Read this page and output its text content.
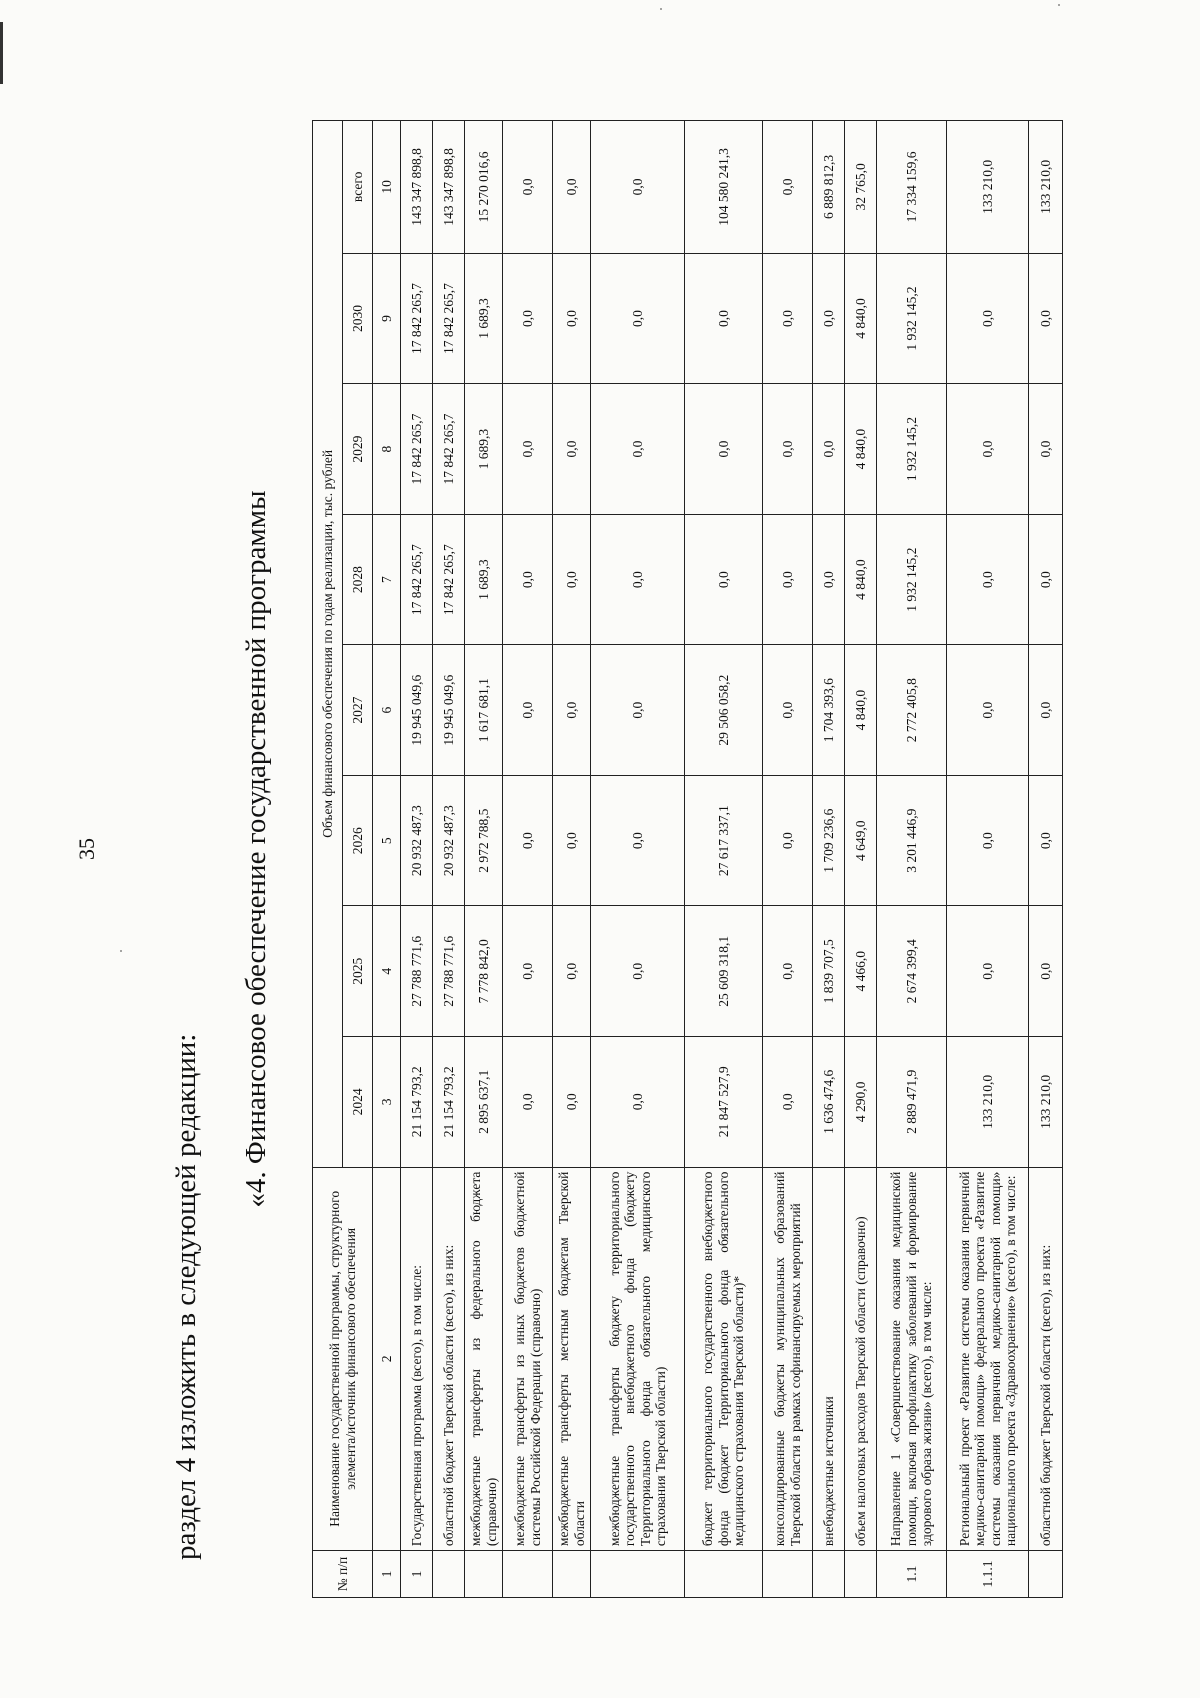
35
раздел 4 изложить в следующей редакции:
«4. Финансовое обеспечение государственной программы
№ п/п	Наименование государственной программы, структурного элемента/источник финансового обеспечения	Объем финансового обеспечения по годам реализации, тыс. рублей							
		2024	2025	2026	2027	2028	2029	2030	всего
1	2	3	4	5	6	7	8	9	10
1	Государственная программа (всего), в том числе:	21 154 793,2	27 788 771,6	20 932 487,3	19 945 049,6	17 842 265,7	17 842 265,7	17 842 265,7	143 347 898,8
	областной бюджет Тверской области (всего), из них:	21 154 793,2	27 788 771,6	20 932 487,3	19 945 049,6	17 842 265,7	17 842 265,7	17 842 265,7	143 347 898,8
	межбюджетные трансферты из федерального бюджета (справочно)	2 895 637,1	7 778 842,0	2 972 788,5	1 617 681,1	1 689,3	1 689,3	1 689,3	15 270 016,6
	межбюджетные трансферты из иных бюджетов бюджетной системы Российской Федерации (справочно)	0,0	0,0	0,0	0,0	0,0	0,0	0,0	0,0
	межбюджетные трансферты местным бюджетам Тверской области	0,0	0,0	0,0	0,0	0,0	0,0	0,0	0,0
	межбюджетные трансферты бюджету территориального государственного внебюджетного фонда (бюджету Территориального фонда обязательного медицинского страхования Тверской области)	0,0	0,0	0,0	0,0	0,0	0,0	0,0	0,0
	бюджет территориального государственного внебюджетного фонда (бюджет Территориального фонда обязательного медицинского страхования Тверской области)*	21 847 527,9	25 609 318,1	27 617 337,1	29 506 058,2	0,0	0,0	0,0	104 580 241,3
	консолидированные бюджеты муниципальных образований Тверской области в рамках софинансируемых мероприятий	0,0	0,0	0,0	0,0	0,0	0,0	0,0	0,0
	внебюджетные источники	1 636 474,6	1 839 707,5	1 709 236,6	1 704 393,6	0,0	0,0	0,0	6 889 812,3
	объем налоговых расходов Тверской области (справочно)	4 290,0	4 466,0	4 649,0	4 840,0	4 840,0	4 840,0	4 840,0	32 765,0
1.1	Направление 1 «Совершенствование оказания медицинской помощи, включая профилактику заболеваний и формирование здорового образа жизни» (всего), в том числе:	2 889 471,9	2 674 399,4	3 201 446,9	2 772 405,8	1 932 145,2	1 932 145,2	1 932 145,2	17 334 159,6
1.1.1	Региональный проект «Развитие системы оказания первичной медико-санитарной помощи» федерального проекта «Развитие системы оказания первичной медико-санитарной помощи» национального проекта «Здравоохранение» (всего), в том числе:	133 210,0	0,0	0,0	0,0	0,0	0,0	0,0	133 210,0
	областной бюджет Тверской области (всего), из них:	133 210,0	0,0	0,0	0,0	0,0	0,0	0,0	133 210,0
